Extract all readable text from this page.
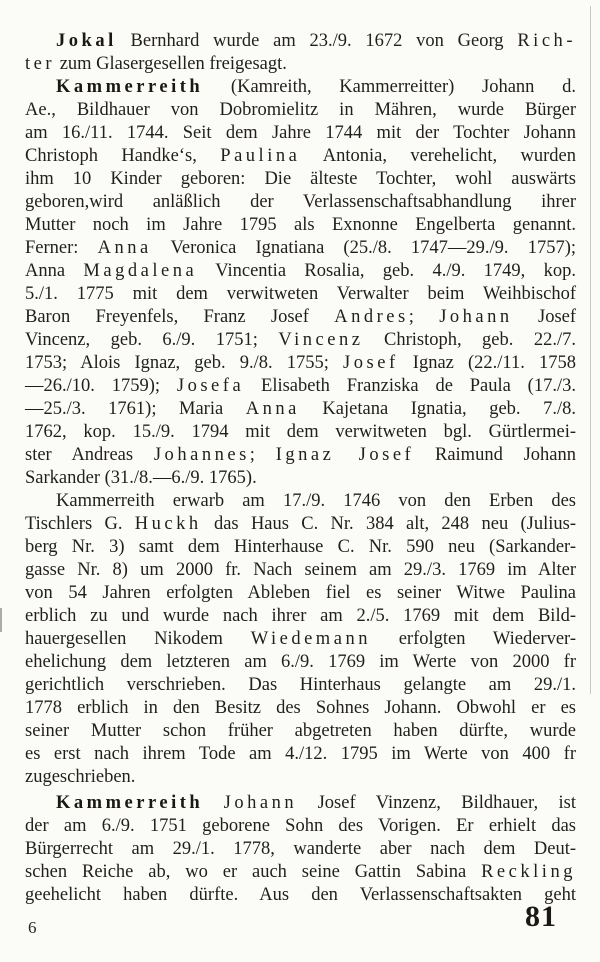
Jokal Bernhard wurde am 23./9. 1672 von Georg Rich-
ter zum Glasergesellen freigesagt.
Kammerreith (Kamreith, Kammerreitter) Johann d.
Ae., Bildhauer von Dobromielitz in Mähren, wurde Bürger
am 16./11. 1744. Seit dem Jahre 1744 mit der Tochter Johann
Christoph Handke‘s, Paulina Antonia, verehelicht, wurden
ihm 10 Kinder geboren: Die älteste Tochter, wohl auswärts
geboren,wird anläßlich der Verlassenschaftsabhandlung ihrer
Mutter noch im Jahre 1795 als Exnonne Engelberta genannt.
Ferner: Anna Veronica Ignatiana (25./8. 1747—29./9. 1757);
Anna Magdalena Vincentia Rosalia, geb. 4./9. 1749, kop.
5./1. 1775 mit dem verwitweten Verwalter beim Weihbischof
Baron Freyenfels, Franz Josef Andres; Johann Josef
Vincenz, geb. 6./9. 1751; Vincenz Christoph, geb. 22./7.
1753; Alois Ignaz, geb. 9./8. 1755; Josef Ignaz (22./11. 1758
—26./10. 1759); Josefa Elisabeth Franziska de Paula (17./3.
—25./3. 1761); Maria Anna Kajetana Ignatia, geb. 7./8.
1762, kop. 15./9. 1794 mit dem verwitweten bgl. Gürtlermei-
ster Andreas Johannes; Ignaz Josef Raimund Johann
Sarkander (31./8.—6./9. 1765).
Kammerreith erwarb am 17./9. 1746 von den Erben des
Tischlers G. Huckh das Haus C. Nr. 384 alt, 248 neu (Julius-
berg Nr. 3) samt dem Hinterhause C. Nr. 590 neu (Sarkander-
gasse Nr. 8) um 2000 fr. Nach seinem am 29./3. 1769 im Alter
von 54 Jahren erfolgten Ableben fiel es seiner Witwe Paulina
erblich zu und wurde nach ihrer am 2./5. 1769 mit dem Bild-
hauergesellen Nikodem Wiedemann erfolgten Wiederver-
ehelichung dem letzteren am 6./9. 1769 im Werte von 2000 fr
gerichtlich verschrieben. Das Hinterhaus gelangte am 29./1.
1778 erblich in den Besitz des Sohnes Johann. Obwohl er es
seiner Mutter schon früher abgetreten haben dürfte, wurde
es erst nach ihrem Tode am 4./12. 1795 im Werte von 400 fr
zugeschrieben.
Kammerreith Johann Josef Vinzenz, Bildhauer, ist
der am 6./9. 1751 geborene Sohn des Vorigen. Er erhielt das
Bürgerrecht am 29./1. 1778, wanderte aber nach dem Deut-
schen Reiche ab, wo er auch seine Gattin Sabina Reckling
geehelicht haben dürfte. Aus den Verlassenschaftsakten geht
6	81
